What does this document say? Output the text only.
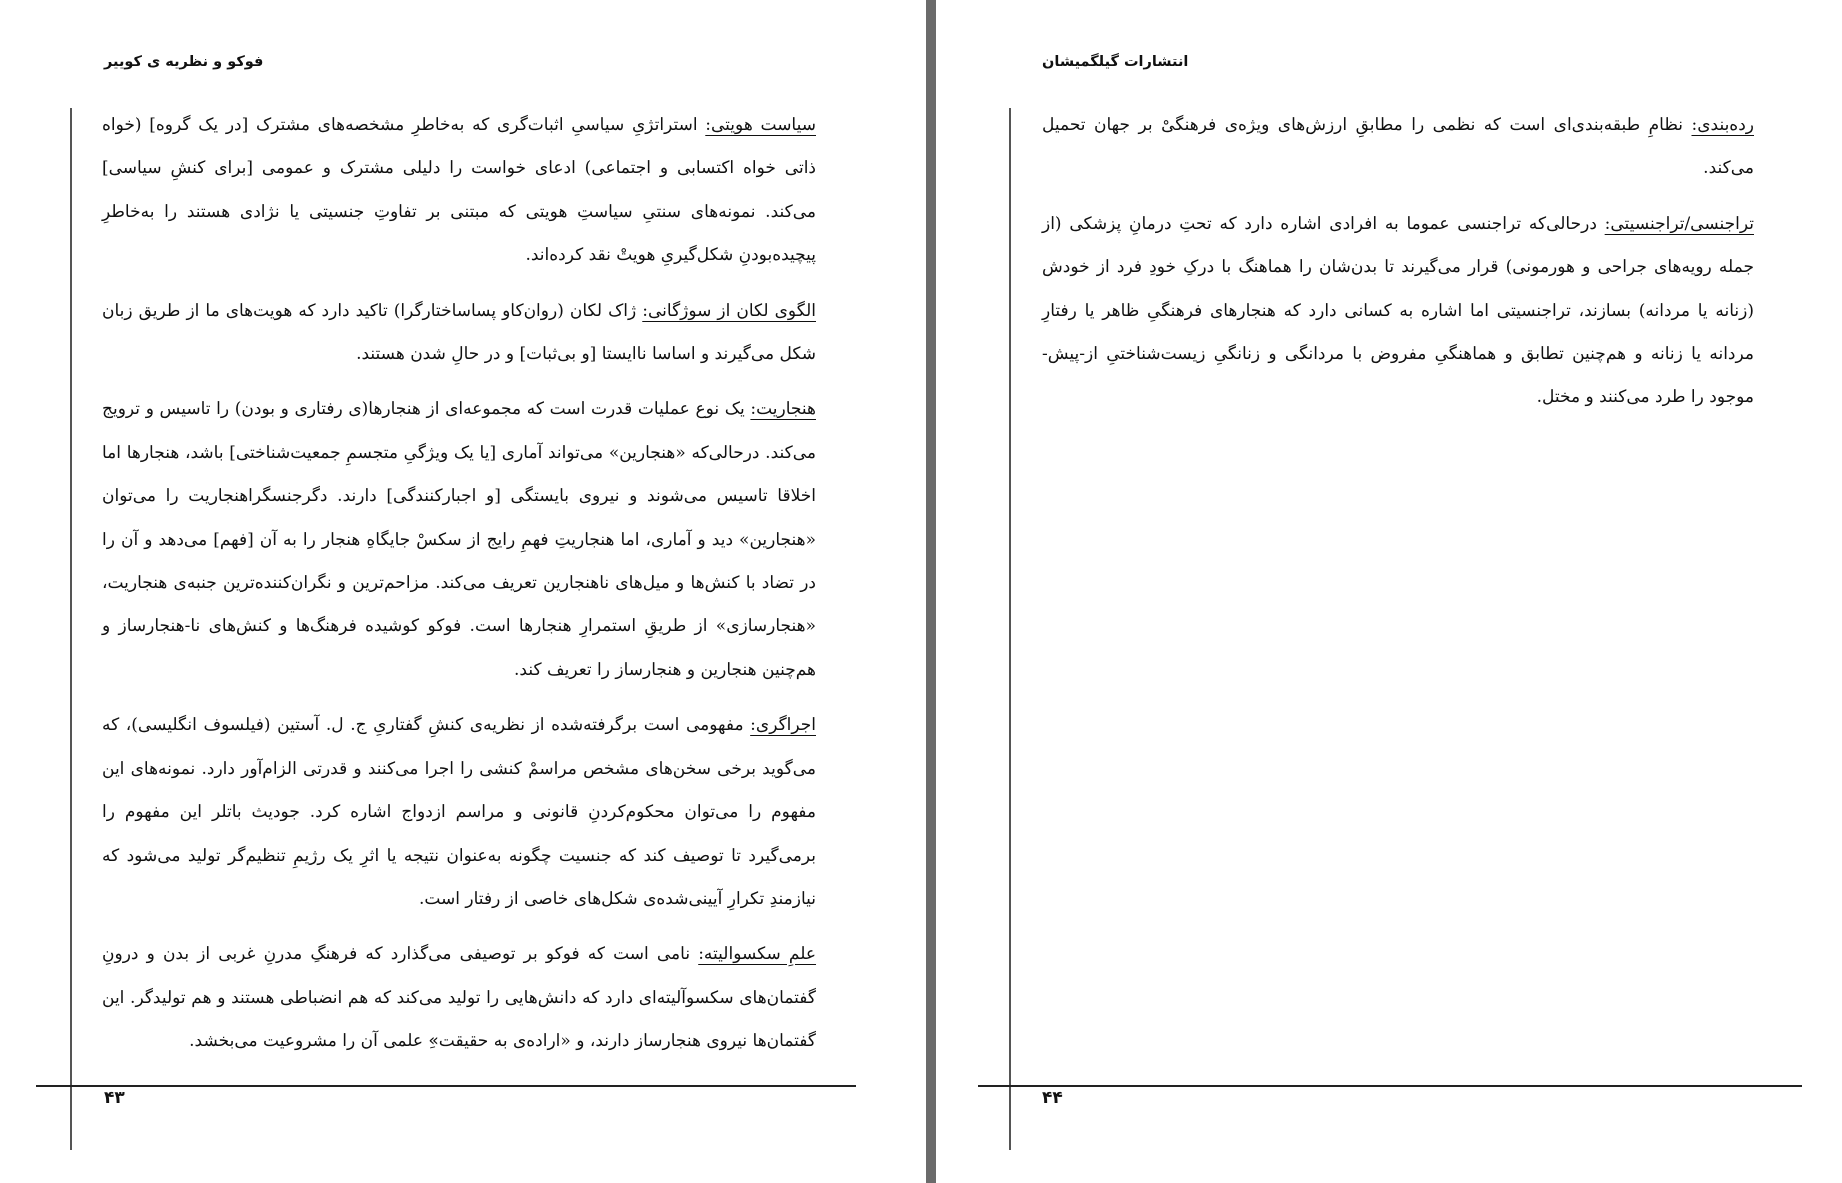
فوکو و نظریه ی کوییر

سیاست هویتی: استراتژیِ سیاسیِ اثبات‌گری که به‌خاطرِ مشخصه‌های مشترک [در یک گروه] (خواه ذاتی خواه اکتسابی و اجتماعی) ادعای خواست را دلیلی مشترک و عمومی [برای کنشِ سیاسی] می‌کند. نمونه‌های سنتیِ سیاستِ هویتی که مبتنی بر تفاوتِ جنسیتی یا نژادی هستند را به‌خاطرِ پیچیده‌بودنِ شکل‌گیریِ هویتْ نقد کرده‌اند.

الگوی لکان از سوژگانی: ژاک لکان (روان‌کاو پساساختارگرا) تاکید دارد که هویت‌های ما از طریق زبان شکل می‌گیرند و اساسا ناایستا [و بی‌ثبات] و در حالِ شدن هستند.

هنجاریت: یک نوع عملیات قدرت است که مجموعه‌ای از هنجارها(ی رفتاری و بودن) را تاسیس و ترویج می‌کند. درحالی‌که «هنجارین» می‌تواند آماری [یا یک ویژگیِ متجسمِ جمعیت‌شناختی] باشد، هنجارها اما اخلاقا تاسیس می‌شوند و نیروی بایستگی [و اجبارکنندگی] دارند. دگرجنسگرا‌هنجاریت را می‌توان «هنجارین» دید و آماری، اما هنجاریتِ فهمِ رایج از سکسْ جایگاهِ هنجار را به آن [فهم] می‌دهد و آن را در تضاد با کنش‌ها و میل‌های ناهنجارین تعریف می‌کند. مزاحم‌ترین و نگران‌کننده‌ترین جنبه‌ی هنجاریت، «هنجارسازی» از طریقِ استمرارِ هنجارها است. فوکو کوشیده فرهنگ‌ها و کنش‌های نا-هنجارساز و هم‌چنین هنجارین و هنجارساز را تعریف کند.

اجراگری: مفهومی است برگرفته‌شده از نظریه‌ی کنشِ گفتاریِ ج. ل. آستین (فیلسوف انگلیسی)، که می‌گوید برخی سخن‌های مشخص مراسمْ کنشی را اجرا می‌کنند و قدرتی الزام‌آور دارد. نمونه‌های این مفهوم را می‌توان محکوم‌کردنِ قانونی و مراسم ازدواج اشاره کرد. جودیث باتلر این مفهوم را برمی‌گیرد تا توصیف کند که جنسیت چگونه به‌عنوان نتیجه یا اثرِ یک رژیمِ تنظیم‌گر تولید می‌شود که نیازمندِ تکرارِ آیینی‌شده‌ی شکل‌های خاصی از رفتار است.

علمِ سکسوالیته: نامی است که فوکو بر توصیفی می‌گذارد که فرهنگِ مدرنِ غربی از بدن و درونِ گفتمان‌های سکسوآلیته‌ای دارد که دانش‌هایی را تولید می‌کند که هم انضباطی هستند و هم تولیدگر. این گفتمان‌ها نیروی هنجارساز دارند، و «اراده‌ی به حقیقت»ِ علمی آن را مشروعیت می‌بخشد.

۴۳
انتشارات گیلگمیشان

رده‌بندی: نظامِ طبقه‌بندی‌ای است که نظمی را مطابقِ ارزش‌های ویژه‌ی فرهنگیْ بر جهان تحمیل می‌کند.

تراجنسی/تراجنسیتی: درحالی‌که تراجنسی عموما به افرادی اشاره دارد که تحتِ درمانِ پزشکی (از جمله رویه‌های جراحی و هورمونی) قرار می‌گیرند تا بدن‌شان را هماهنگ با درکِ خودِ فرد از خودش (زنانه یا مردانه) بسازند، تراجنسیتی اما اشاره به کسانی دارد که هنجارهای فرهنگیِ ظاهر یا رفتارِ مردانه یا زنانه و هم‌چنین تطابق و هماهنگیِ مفروض با مردانگی و زنانگیِ زیست‌شناختیِ از-پیش-موجود را طرد می‌کنند و مختل.

۴۴
